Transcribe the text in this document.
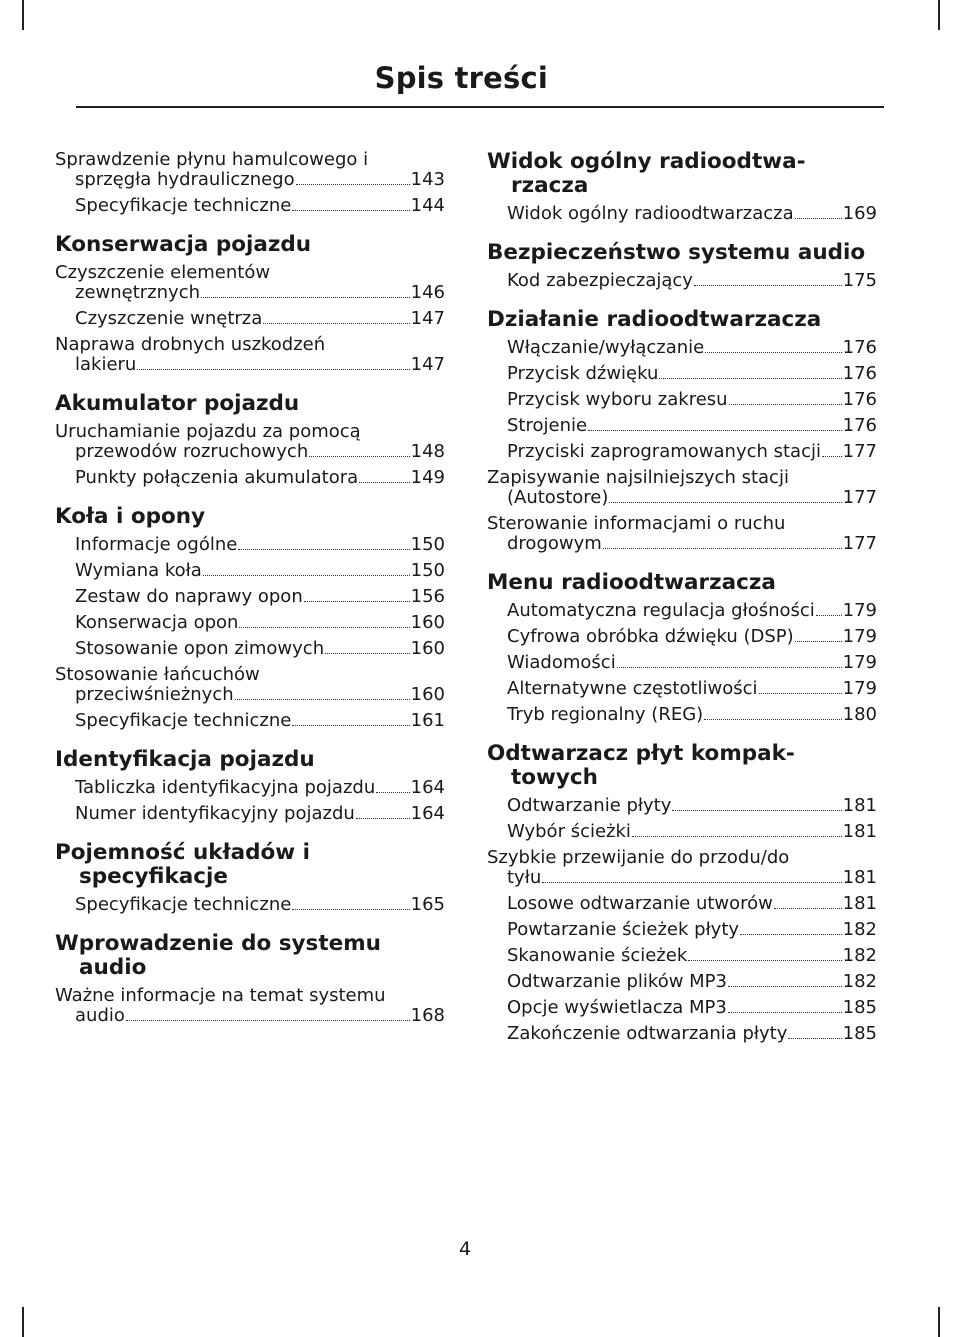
Spis treści
Sprawdzenie płynu hamulcowego i
sprzęgła hydraulicznego	143
Specyfikacje techniczne	144
Konserwacja pojazdu
Czyszczenie elementów
zewnętrznych	146
Czyszczenie wnętrza	147
Naprawa drobnych uszkodzeń
lakieru	147
Akumulator pojazdu
Uruchamianie pojazdu za pomocą
przewodów rozruchowych	148
Punkty połączenia akumulatora	149
Koła i opony
Informacje ogólne	150
Wymiana koła	150
Zestaw do naprawy opon	156
Konserwacja opon	160
Stosowanie opon zimowych	160
Stosowanie łańcuchów
przeciwśnieżnych	160
Specyfikacje techniczne	161
Identyfikacja pojazdu
Tabliczka identyfikacyjna pojazdu 164
Numer identyfikacyjny pojazdu	164
Pojemność układów i specyfikacje
Specyfikacje techniczne	165
Wprowadzenie do systemu audio
Ważne informacje na temat systemu
audio	168
Widok ogólny radioodtwa-rzacza
Widok ogólny radioodtwarzacza	169
Bezpieczeństwo systemu audio
Kod zabezpieczający	175
Działanie radioodtwarzacza
Włączanie/wyłączanie	176
Przycisk dźwięku	176
Przycisk wyboru zakresu	176
Strojenie	176
Przyciski zaprogramowanych stacji 177
Zapisywanie najsilniejszych stacji
(Autostore)	177
Sterowanie informacjami o ruchu
drogowym	177
Menu radioodtwarzacza
Automatyczna regulacja głośności 179
Cyfrowa obróbka dźwięku (DSP)	179
Wiadomości	179
Alternatywne częstotliwości	179
Tryb regionalny (REG)	180
Odtwarzacz płyt kompak-towych
Odtwarzanie płyty	181
Wybór ścieżki	181
Szybkie przewijanie do przodu/do
tyłu	181
Losowe odtwarzanie utworów	181
Powtarzanie ścieżek płyty	182
Skanowanie ścieżek	182
Odtwarzanie plików MP3	182
Opcje wyświetlacza MP3	185
Zakończenie odtwarzania płyty	185
4
